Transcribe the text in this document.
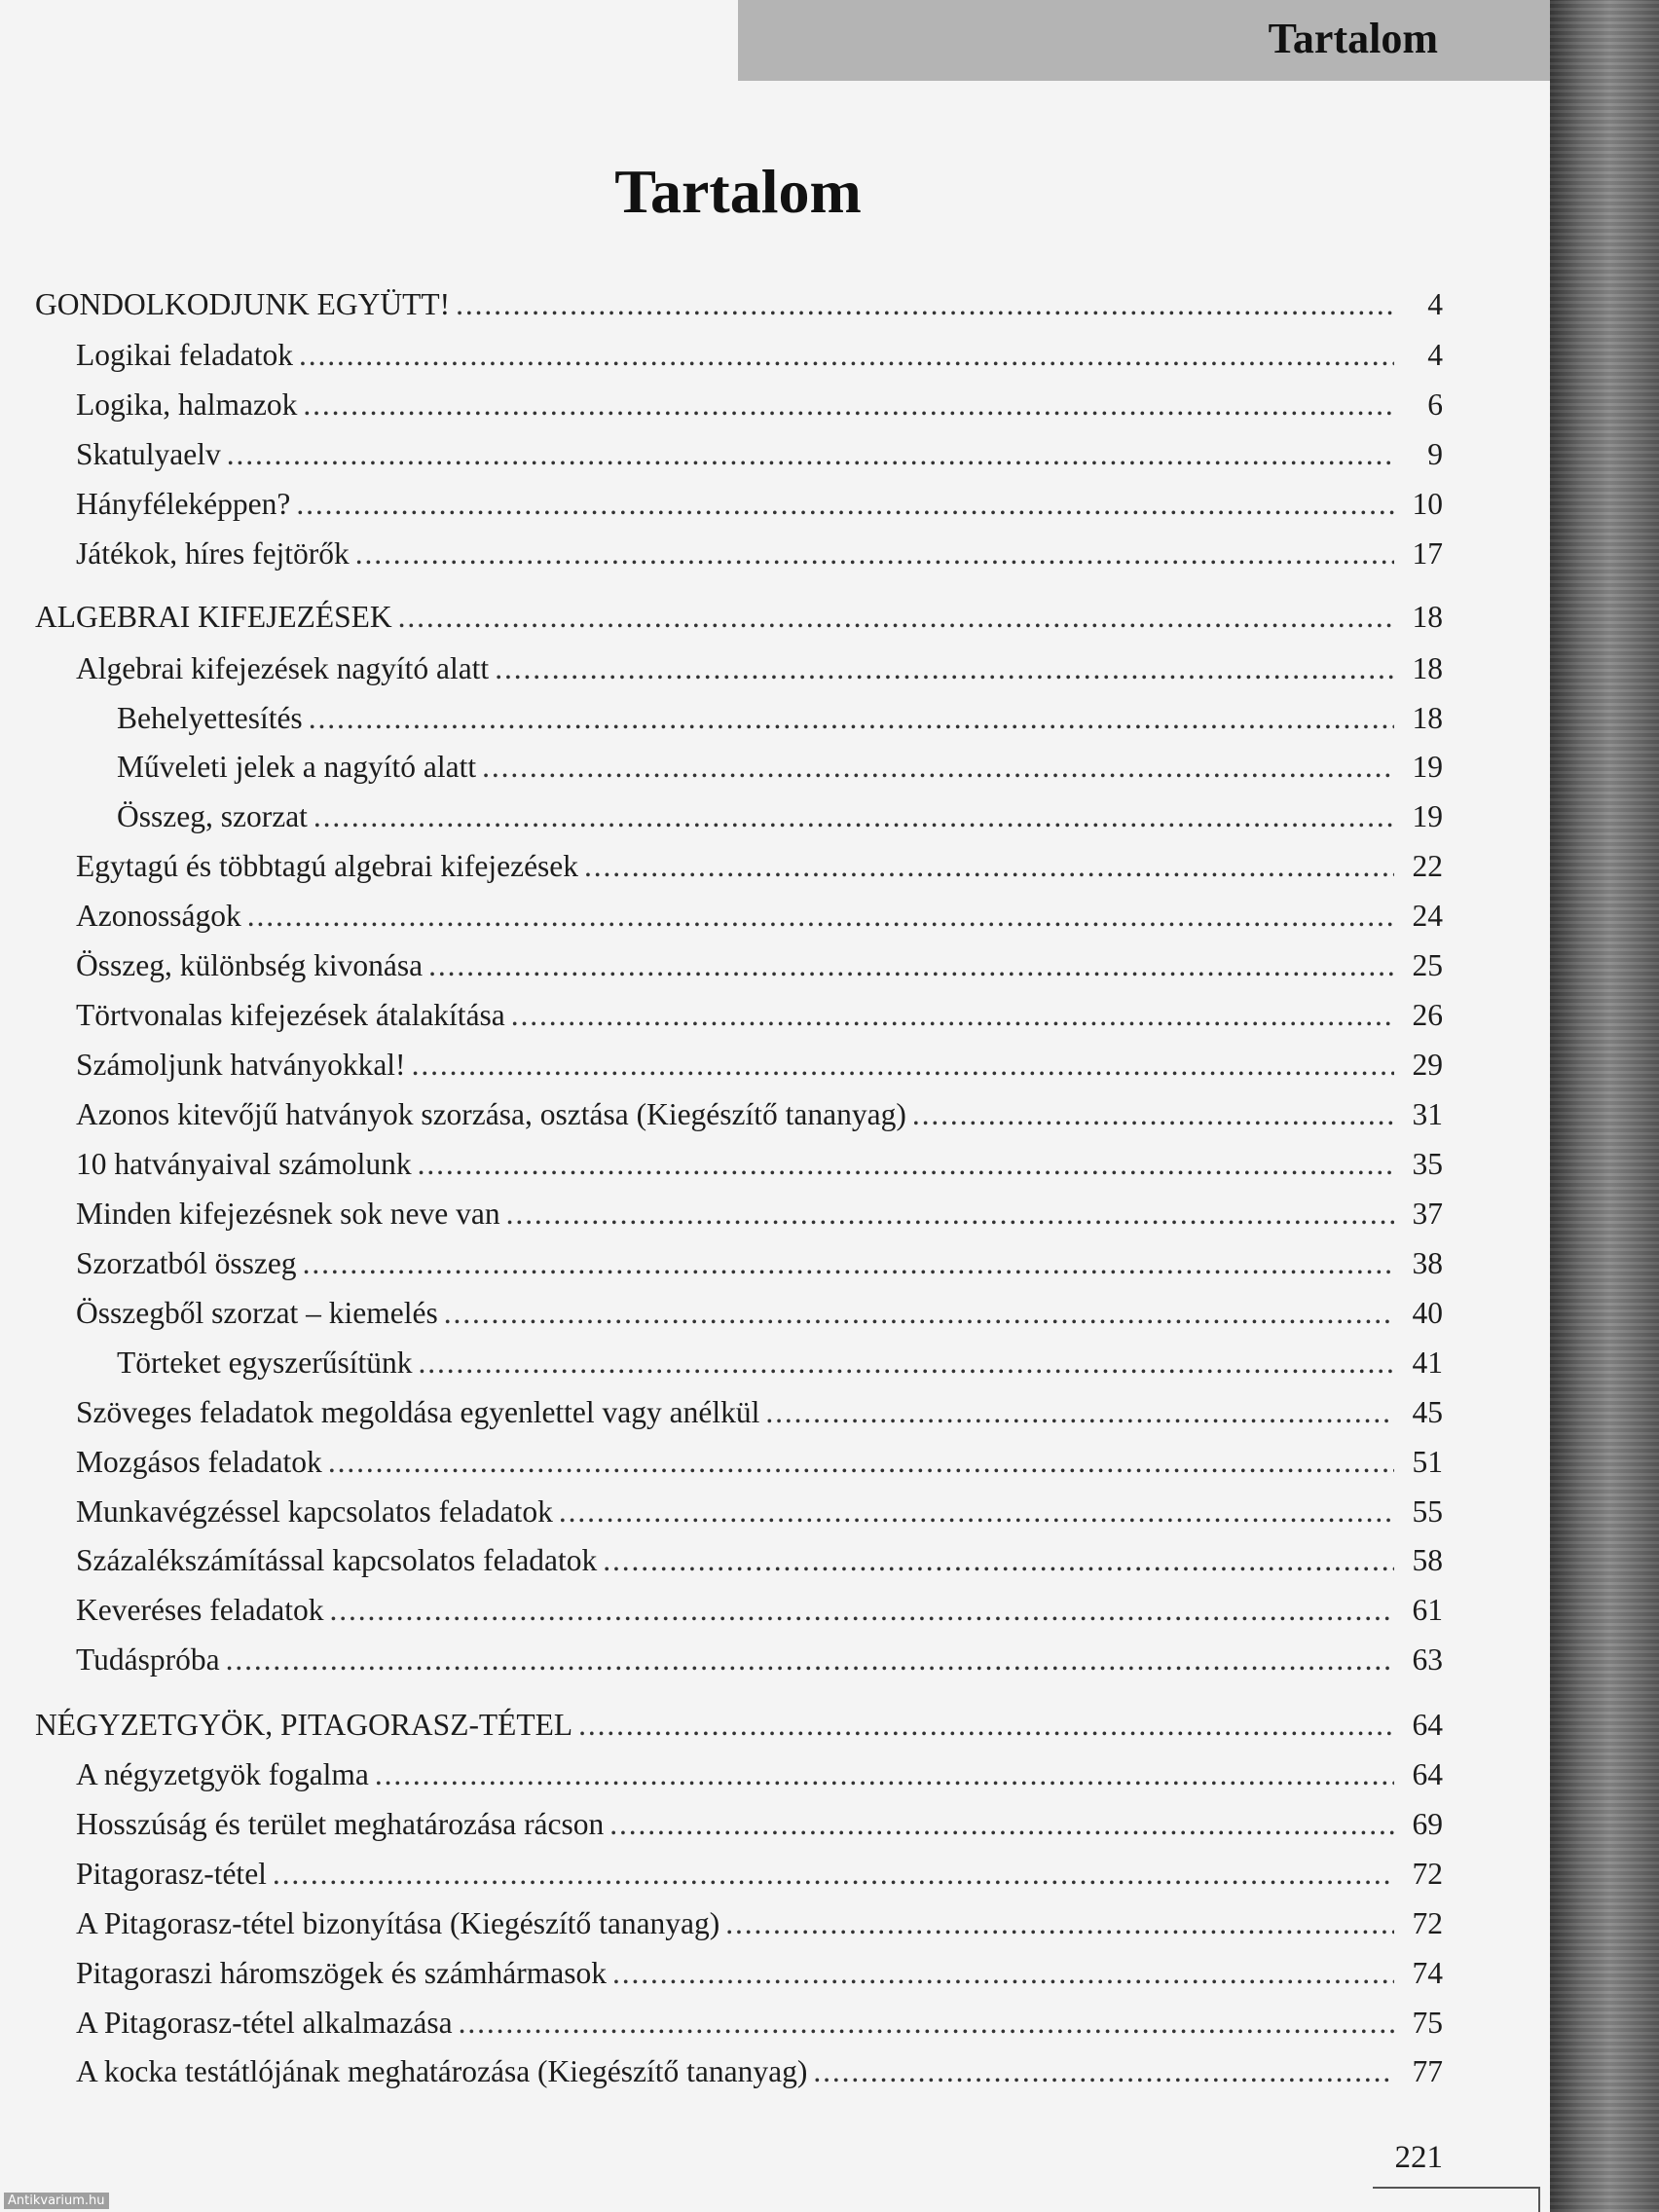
Tartalom
Tartalom
GONDOLKODJUNK EGYÜTT! . . .	4
Logikai feladatok . . .	4
Logika, halmazok . . .	6
Skatulyaelv . . .	9
Hányféleképpen? . . .	10
Játékok, híres fejtörők . . .	17
ALGEBRAI KIFEJEZÉSEK . . .	18
Algebrai kifejezések nagyító alatt . . .	18
Behelyettesítés . . .	18
Műveleti jelek a nagyító alatt . . .	19
Összeg, szorzat . . .	19
Egytagú és többtagú algebrai kifejezések . . .	22
Azonosságok . . .	24
Összeg, különbség kivonása . . .	25
Törtvonalas kifejezések átalakítása . . .	26
Számoljunk hatványokkal! . . .	29
Azonos kitevőjű hatványok szorzása, osztása (Kiegészítő tananyag) . . .	31
10 hatványaival számolunk . . .	35
Minden kifejezésnek sok neve van . . .	37
Szorzatból összeg . . .	38
Összegből szorzat – kiemelés . . .	40
Törteket egyszerűsítünk . . .	41
Szöveges feladatok megoldása egyenlettel vagy anélkül . . .	45
Mozgásos feladatok . . .	51
Munkavégzéssel kapcsolatos feladatok . . .	55
Százalékszámítással kapcsolatos feladatok . . .	58
Keveréses feladatok . . .	61
Tudáspróba . . .	63
NÉGYZETGYÖK, PITAGORASZ-TÉTEL . . .	64
A négyzetgyök fogalma . . .	64
Hosszúság és terület meghatározása rácson . . .	69
Pitagorasz-tétel . . .	72
A Pitagorasz-tétel bizonyítása (Kiegészítő tananyag) . . .	72
Pitagoraszi háromszögek és számhármasok . . .	74
A Pitagorasz-tétel alkalmazása . . .	75
A kocka testátlójának meghatározása (Kiegészítő tananyag) . . .	77
221
Antikvarium.hu
